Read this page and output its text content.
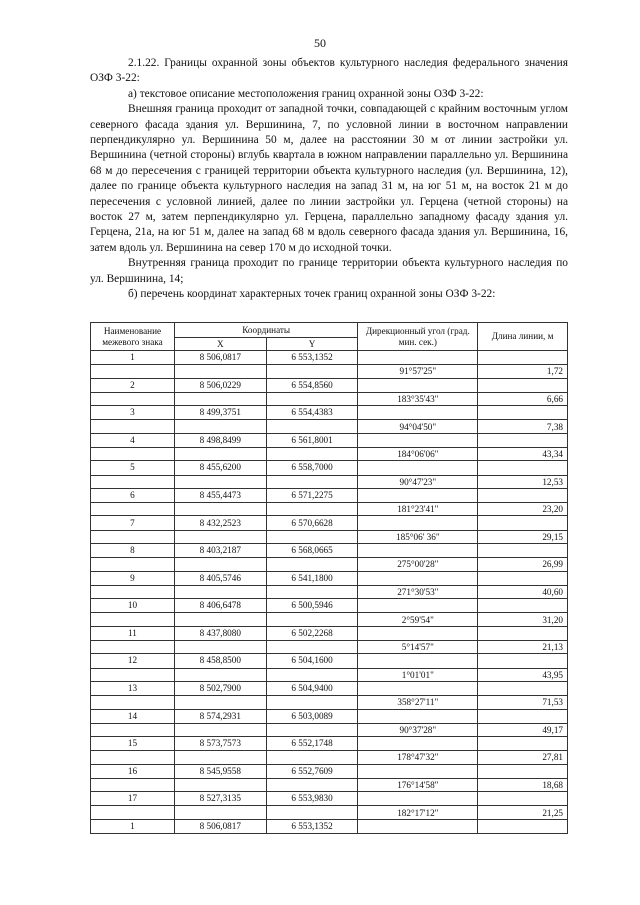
50

2.1.22. Границы охранной зоны объектов культурного наследия федерального значения ОЗФ 3-22:

а) текстовое описание местоположения границ охранной зоны ОЗФ 3-22:

Внешняя граница проходит от западной точки, совпадающей с крайним восточным углом северного фасада здания ул. Вершинина, 7, по условной линии в восточном направлении перпендикулярно ул. Вершинина 50 м, далее на расстоянии 30 м от линии застройки ул. Вершинина (четной стороны) вглубь квартала в южном направлении параллельно ул. Вершинина 68 м до пересечения с границей территории объекта культурного наследия (ул. Вершинина, 12), далее по границе объекта культурного наследия на запад 31 м, на юг 51 м, на восток 21 м до пересечения с условной линией, далее по линии застройки ул. Герцена (четной стороны) на восток 27 м, затем перпендикулярно ул. Герцена, параллельно западному фасаду здания ул. Герцена, 21а, на юг 51 м, далее на запад 68 м вдоль северного фасада здания ул. Вершинина, 16, затем вдоль ул. Вершинина на север 170 м до исходной точки.

Внутренняя граница проходит по границе территории объекта культурного наследия по ул. Вершинина, 14;

б) перечень координат характерных точек границ охранной зоны ОЗФ 3-22:

Наименование межевого знака	Координаты		Дирекционный угол (град. мин. сек.)	Длина линии, м
	X	Y		
1	8 506,0817	6 553,1352		
			91°57'25"	1,72
2	8 506,0229	6 554,8560		
			183°35'43"	6,66
3	8 499,3751	6 554,4383		
			94°04'50"	7,38
4	8 498,8499	6 561,8001		
			184°06'06"	43,34
5	8 455,6200	6 558,7000		
			90°47'23"	12,53
6	8 455,4473	6 571,2275		
			181°23'41"	23,20
7	8 432,2523	6 570,6628		
			185°06' 36"	29,15
8	8 403,2187	6 568,0665		
			275°00'28"	26,99
9	8 405,5746	6 541,1800		
			271°30'53"	40,60
10	8 406,6478	6 500,5946		
			2°59'54"	31,20
11	8 437,8080	6 502,2268		
			5°14'57"	21,13
12	8 458,8500	6 504,1600		
			1°01'01"	43,95
13	8 502,7900	6 504,9400		
			358°27'11"	71,53
14	8 574,2931	6 503,0089		
			90°37'28"	49,17
15	8 573,7573	6 552,1748		
			178°47'32"	27,81
16	8 545,9558	6 552,7609		
			176°14'58"	18,68
17	8 527,3135	6 553,9830		
			182°17'12"	21,25
1	8 506,0817	6 553,1352		
